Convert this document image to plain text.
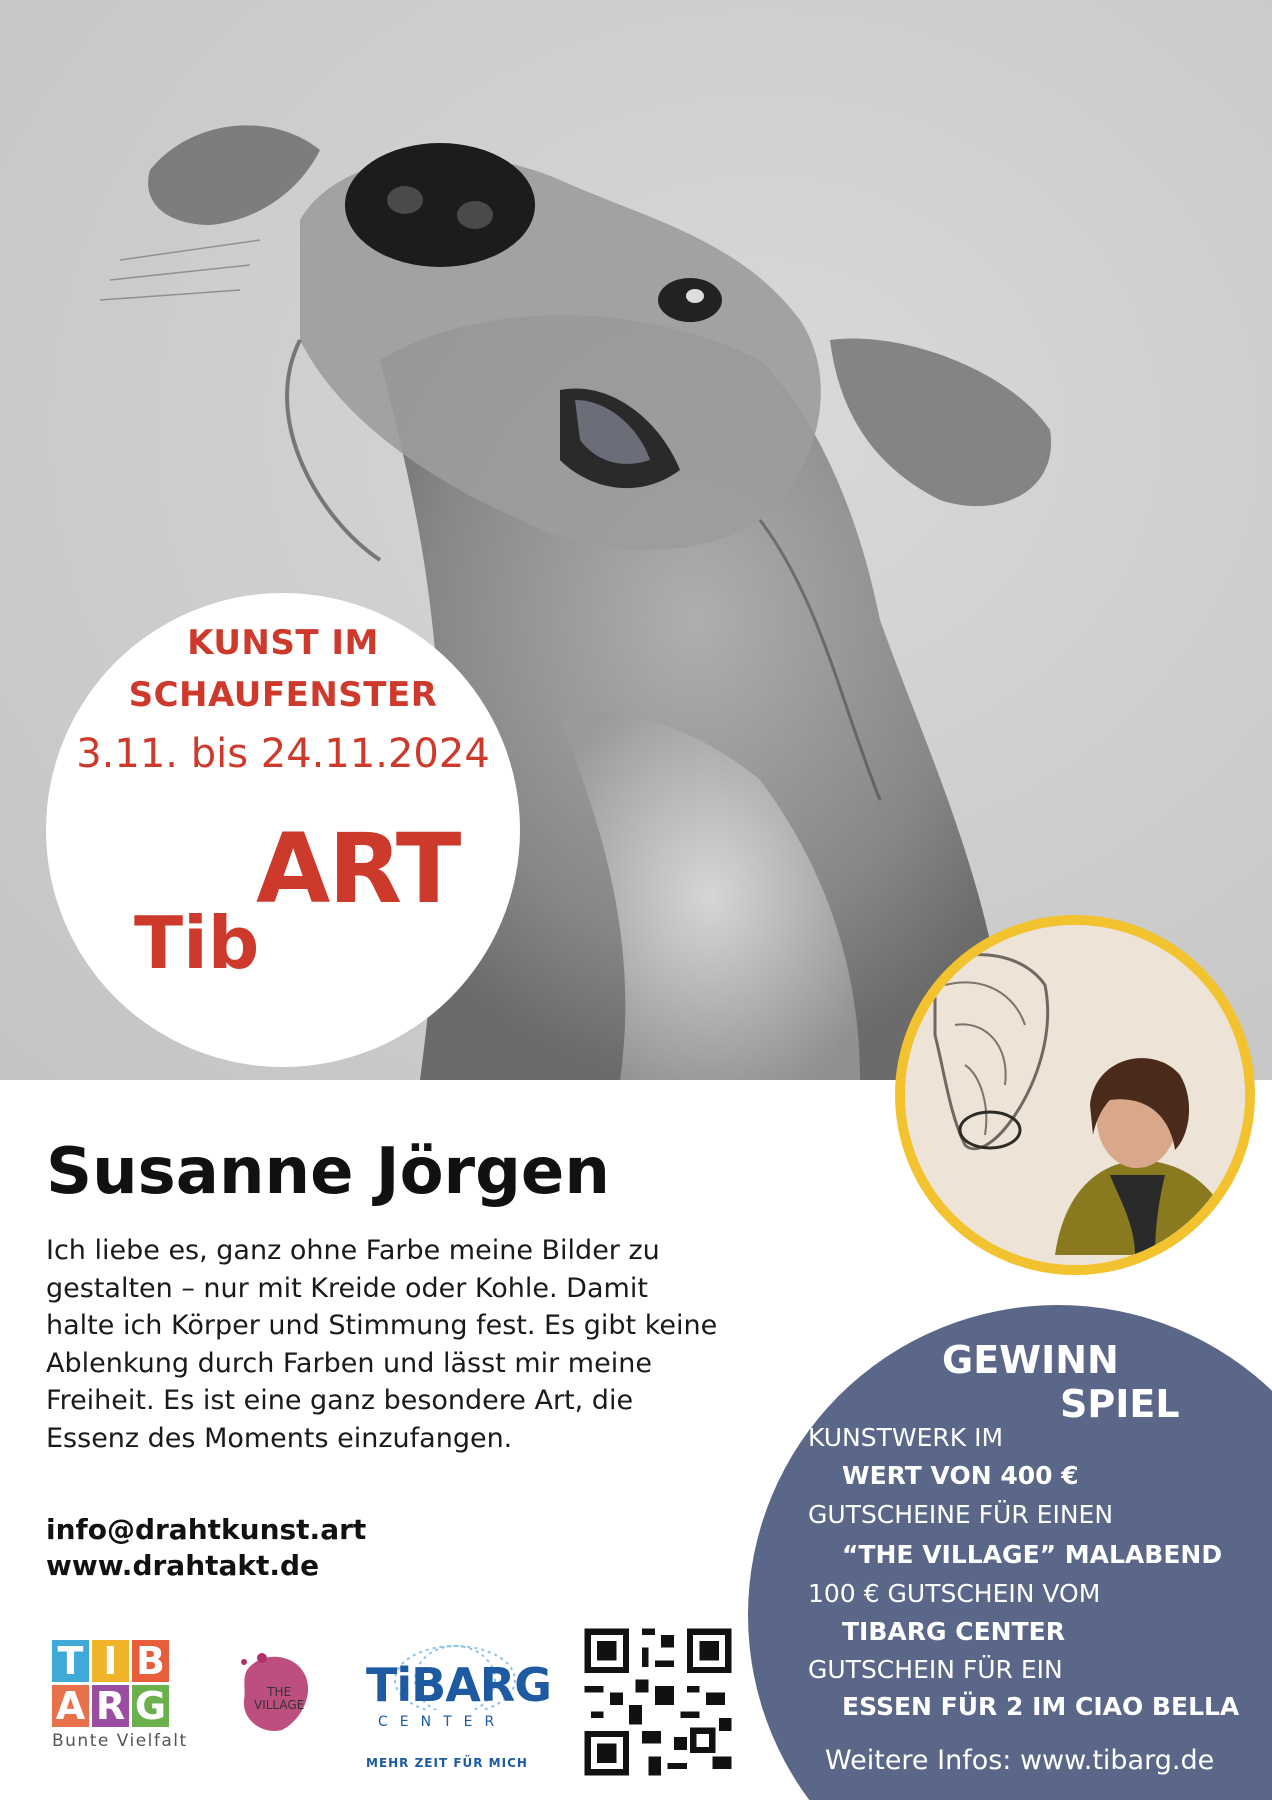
KUNST IM
SCHAUFENSTER
3.11. bis 24.11.2024
ART
Tib
Susanne Jörgen
Ich liebe es, ganz ohne Farbe meine Bilder zu
gestalten – nur mit Kreide oder Kohle. Damit
halte ich Körper und Stimmung fest. Es gibt keine
Ablenkung durch Farben und lässt mir meine
Freiheit. Es ist eine ganz besondere Art, die
Essenz des Moments einzufangen.
info@drahtkunst.art
www.drahtakt.de
GEWINN
SPIEL
KUNSTWERK IM
WERT VON 400 €
GUTSCHEINE FÜR EINEN
“THE VILLAGE” MALABEND
100 € GUTSCHEIN VOM
TIBARG CENTER
GUTSCHEIN FÜR EIN
ESSEN FÜR 2 IM CIAO BELLA
Weitere Infos: www.tibarg.de
T I B
A R G
Bunte Vielfalt
THE
VILLAGE TiBARG
CENTER
MEHR ZEIT FÜR MICH
